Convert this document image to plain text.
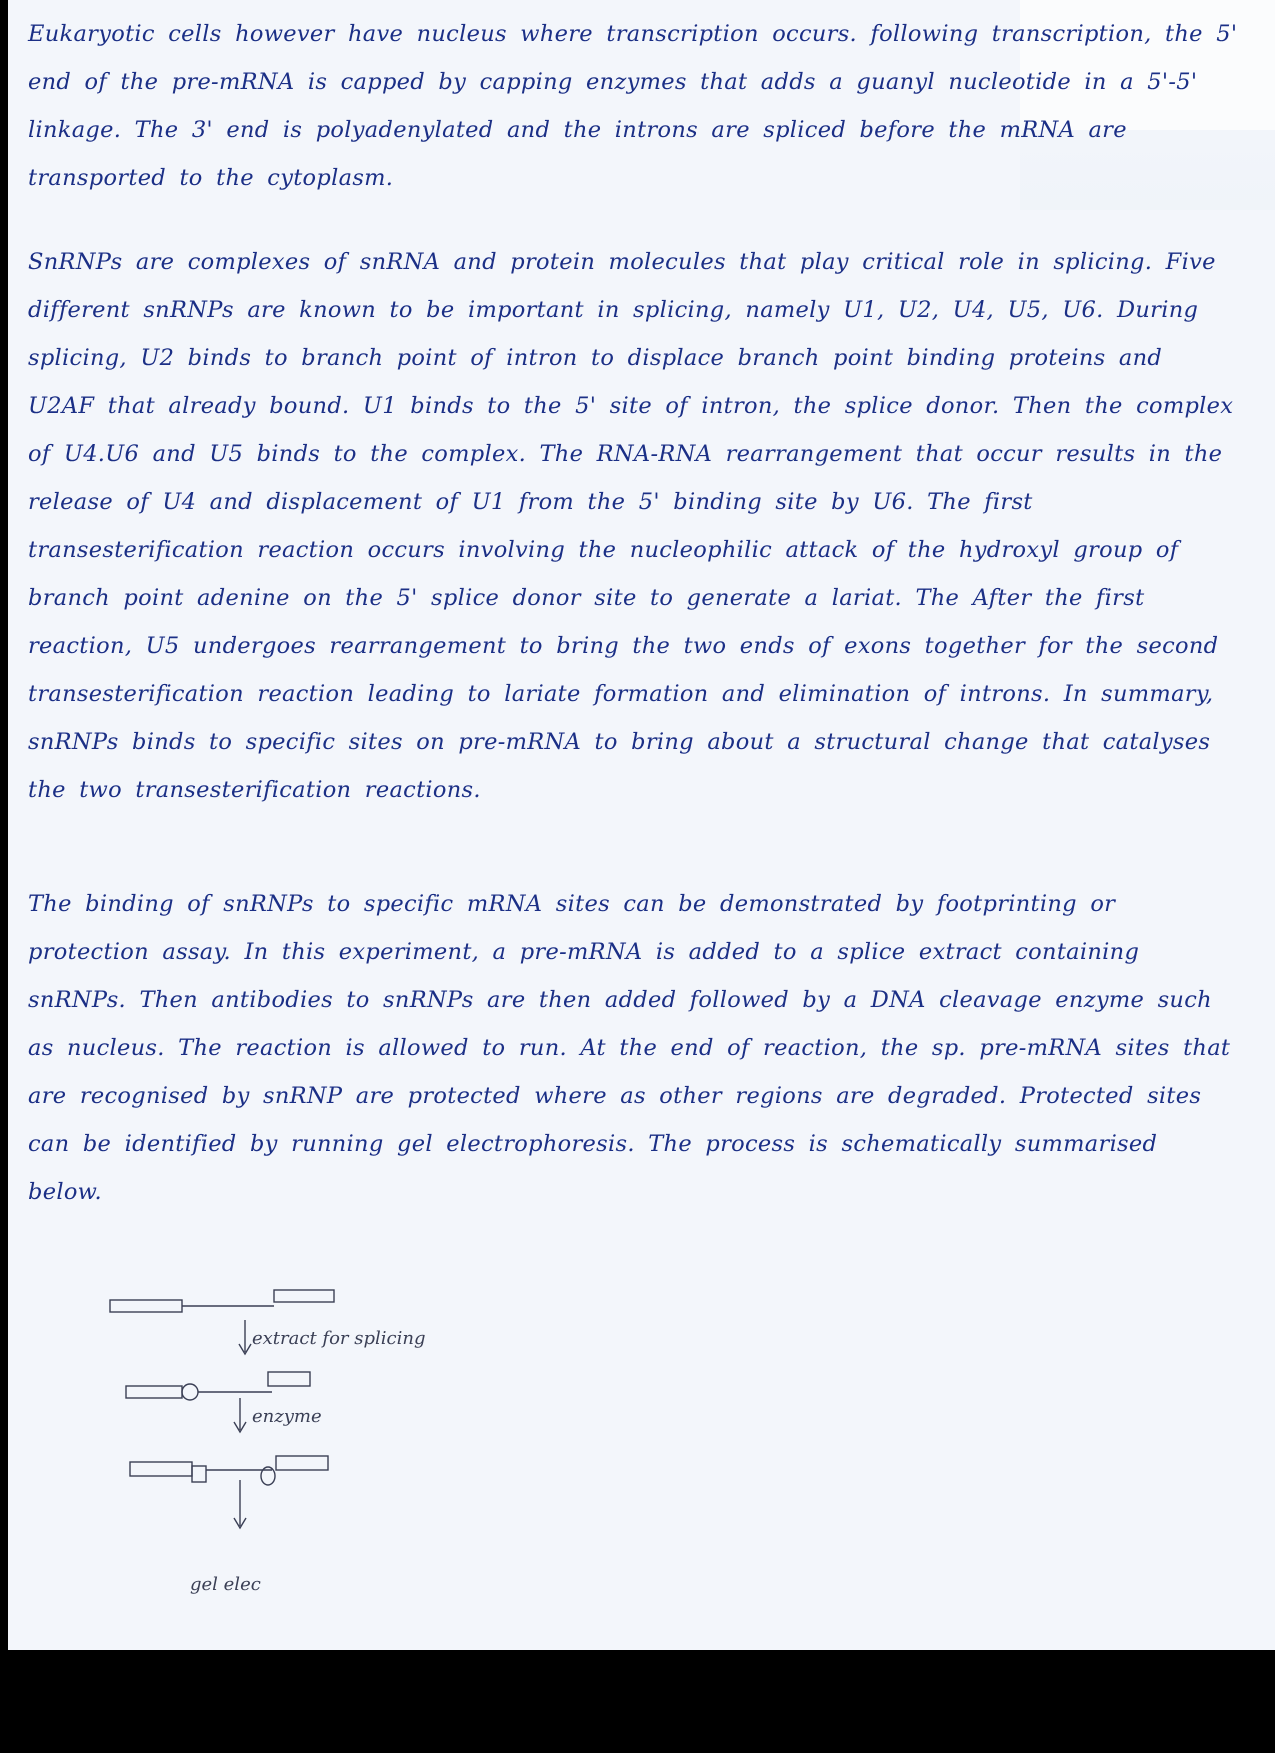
Eukaryotic cells however have nucleus where transcription occurs. following transcription, the 5' end of the pre-mRNA is capped by capping enzymes that adds a guanyl nucleotide in a 5'-5' linkage. The 3' end is polyadenylated and the introns are spliced before the mRNA are transported to the cytoplasm.

SnRNPs are complexes of snRNA and protein molecules that play critical role in splicing. Five different snRNPs are known to be important in splicing, namely U1, U2, U4, U5, U6. During splicing, U2 binds to branch point of intron to displace branch point binding proteins and U2AF that already bound. U1 binds to the 5' site of intron, the splice donor. Then the complex of U4.U6 and U5 binds to the complex. The RNA-RNA rearrangement that occur results in the release of U4 and displacement of U1 from the 5' binding site by U6. The first transesterification reaction occurs involving the nucleophilic attack of the hydroxyl group of branch point adenine on the 5' splice donor site to generate a lariat. The After the first reaction, U5 undergoes rearrangement to bring the two ends of exons together for the second transesterification reaction leading to lariate formation and elimination of introns. In summary, snRNPs binds to specific sites on pre-mRNA to bring about a structural change that catalyses the two transesterification reactions.

The binding of snRNPs to specific mRNA sites can be demonstrated by footprinting or protection assay. In this experiment, a pre-mRNA is added to a splice extract containing snRNPs. Then antibodies to snRNPs are then added followed by a DNA cleavage enzyme such as nucleus. The reaction is allowed to run. At the end of reaction, the sp. pre-mRNA sites that are recognised by snRNP are protected where as other regions are degraded. Protected sites can be identified by running gel electrophoresis. The process is schematically summarised below.

extract for splicing
enzyme
gel elec
